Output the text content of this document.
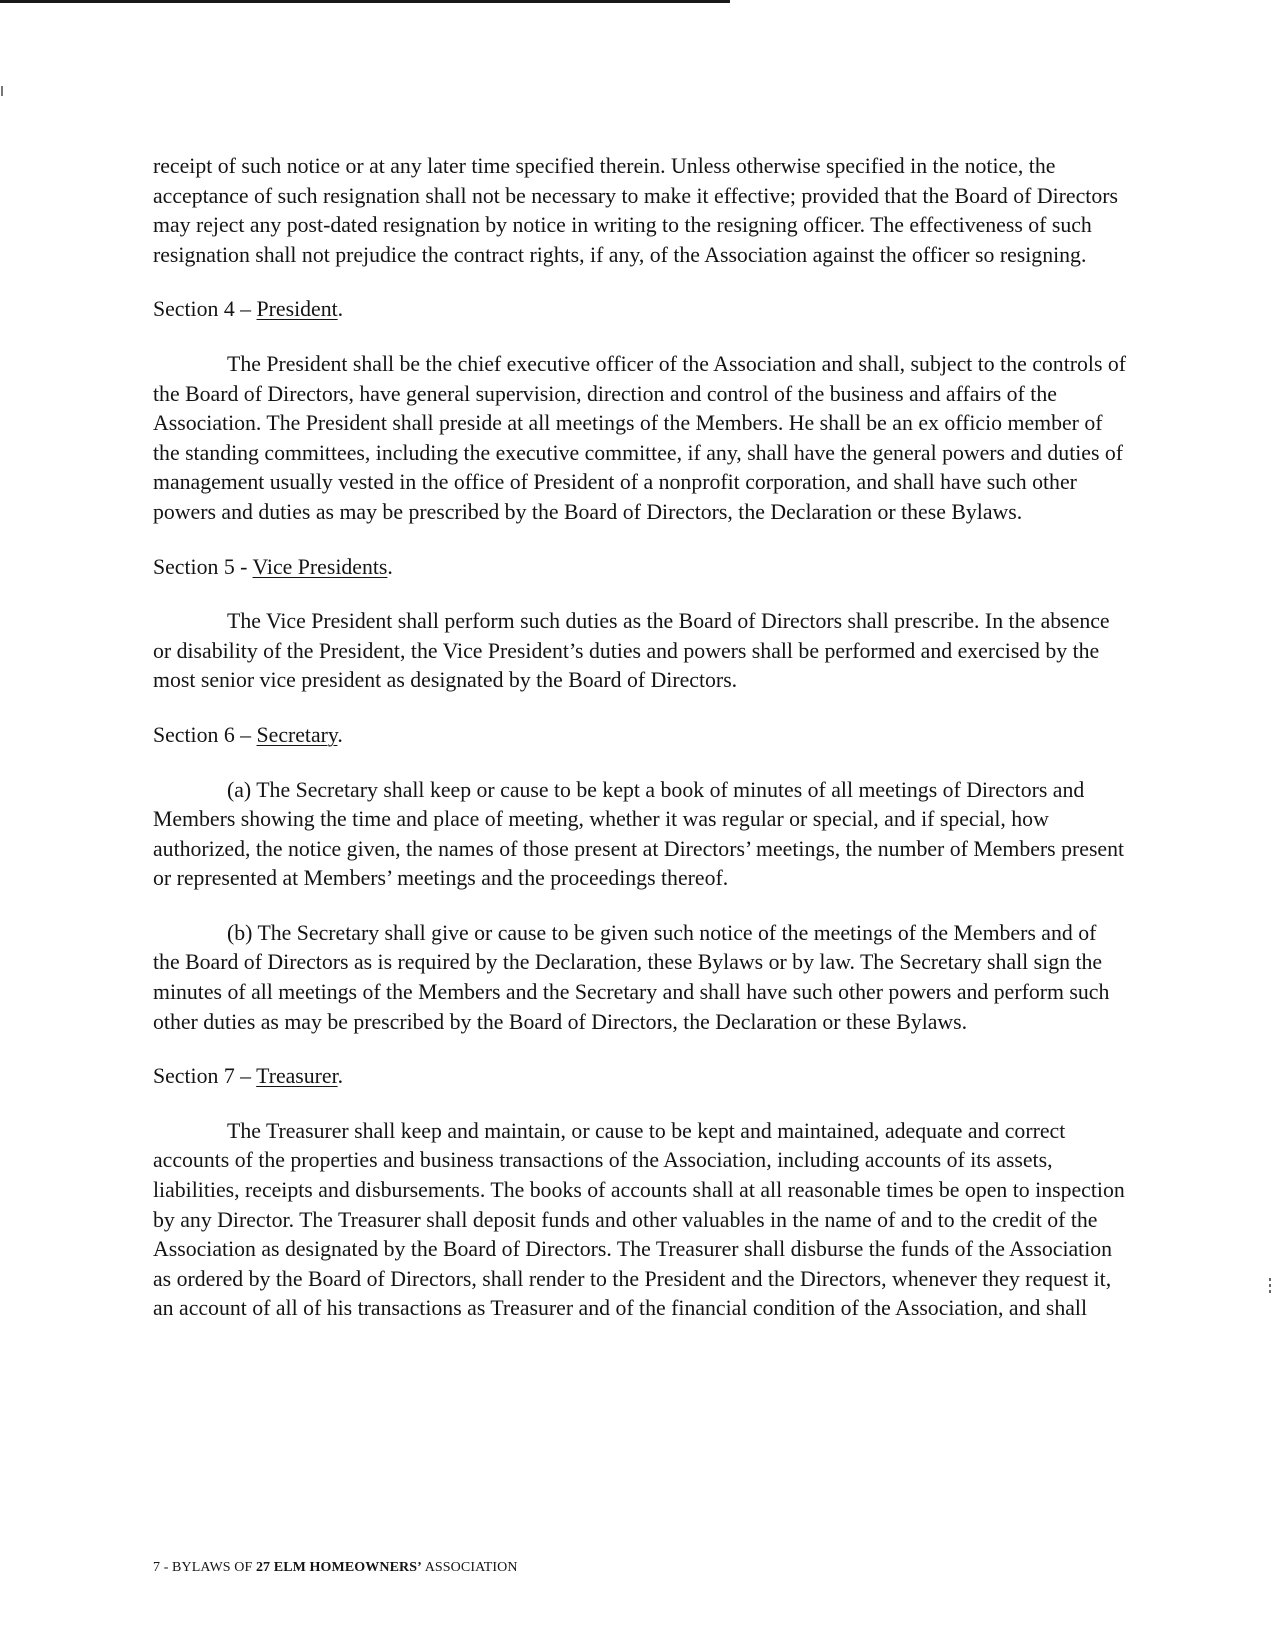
receipt of such notice or at any later time specified therein. Unless otherwise specified in the notice, the acceptance of such resignation shall not be necessary to make it effective; provided that the Board of Directors may reject any post-dated resignation by notice in writing to the resigning officer. The effectiveness of such resignation shall not prejudice the contract rights, if any, of the Association against the officer so resigning.

Section 4 – President.

The President shall be the chief executive officer of the Association and shall, subject to the controls of the Board of Directors, have general supervision, direction and control of the business and affairs of the Association. The President shall preside at all meetings of the Members. He shall be an ex officio member of the standing committees, including the executive committee, if any, shall have the general powers and duties of management usually vested in the office of President of a nonprofit corporation, and shall have such other powers and duties as may be prescribed by the Board of Directors, the Declaration or these Bylaws.

Section 5 - Vice Presidents.

The Vice President shall perform such duties as the Board of Directors shall prescribe. In the absence or disability of the President, the Vice President’s duties and powers shall be performed and exercised by the most senior vice president as designated by the Board of Directors.

Section 6 – Secretary.

(a) The Secretary shall keep or cause to be kept a book of minutes of all meetings of Directors and Members showing the time and place of meeting, whether it was regular or special, and if special, how authorized, the notice given, the names of those present at Directors’ meetings, the number of Members present or represented at Members’ meetings and the proceedings thereof.

(b) The Secretary shall give or cause to be given such notice of the meetings of the Members and of the Board of Directors as is required by the Declaration, these Bylaws or by law. The Secretary shall sign the minutes of all meetings of the Members and the Secretary and shall have such other powers and perform such other duties as may be prescribed by the Board of Directors, the Declaration or these Bylaws.

Section 7 – Treasurer.

The Treasurer shall keep and maintain, or cause to be kept and maintained, adequate and correct accounts of the properties and business transactions of the Association, including accounts of its assets, liabilities, receipts and disbursements. The books of accounts shall at all reasonable times be open to inspection by any Director. The Treasurer shall deposit funds and other valuables in the name of and to the credit of the Association as designated by the Board of Directors. The Treasurer shall disburse the funds of the Association as ordered by the Board of Directors, shall render to the President and the Directors, whenever they request it, an account of all of his transactions as Treasurer and of the financial condition of the Association, and shall

7 - BYLAWS OF 27 ELM HOMEOWNERS’ ASSOCIATION
